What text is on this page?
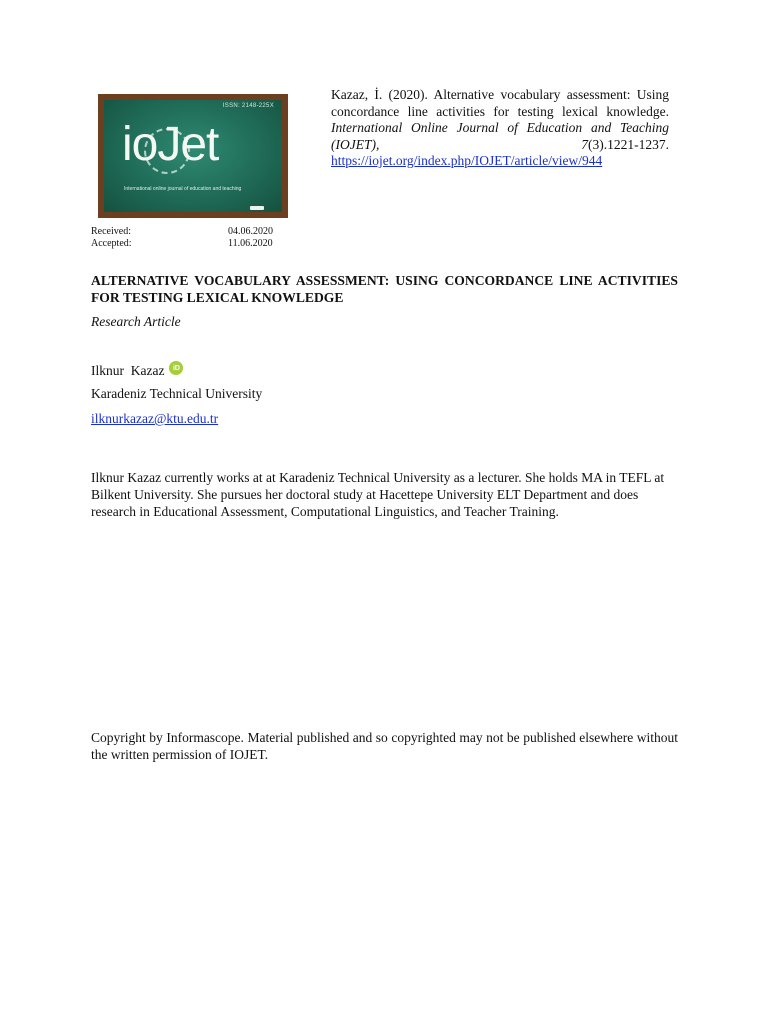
ISSN: 2148-225X
ioJet
International online journal of education and teaching
Kazaz, İ. (2020). Alternative vocabulary assessment: Using concordance line activities for testing lexical knowledge. International Online Journal of Education and Teaching (IOJET), 7(3).1221-1237. https://iojet.org/index.php/IOJET/article/view/944
Received:	04.06.2020
Accepted:	11.06.2020
ALTERNATIVE VOCABULARY ASSESSMENT: USING CONCORDANCE LINE ACTIVITIES FOR TESTING LEXICAL KNOWLEDGE
Research Article
Ilknur  Kazaz	iD
Karadeniz Technical University
ilknurkazaz@ktu.edu.tr
Ilknur Kazaz currently works at at Karadeniz Technical University as a lecturer. She holds MA in TEFL at Bilkent University. She pursues her doctoral study at Hacettepe University ELT Department and does research in Educational Assessment, Computational Linguistics, and Teacher Training.
Copyright by Informascope. Material published and so copyrighted may not be published elsewhere without the written permission of IOJET.
